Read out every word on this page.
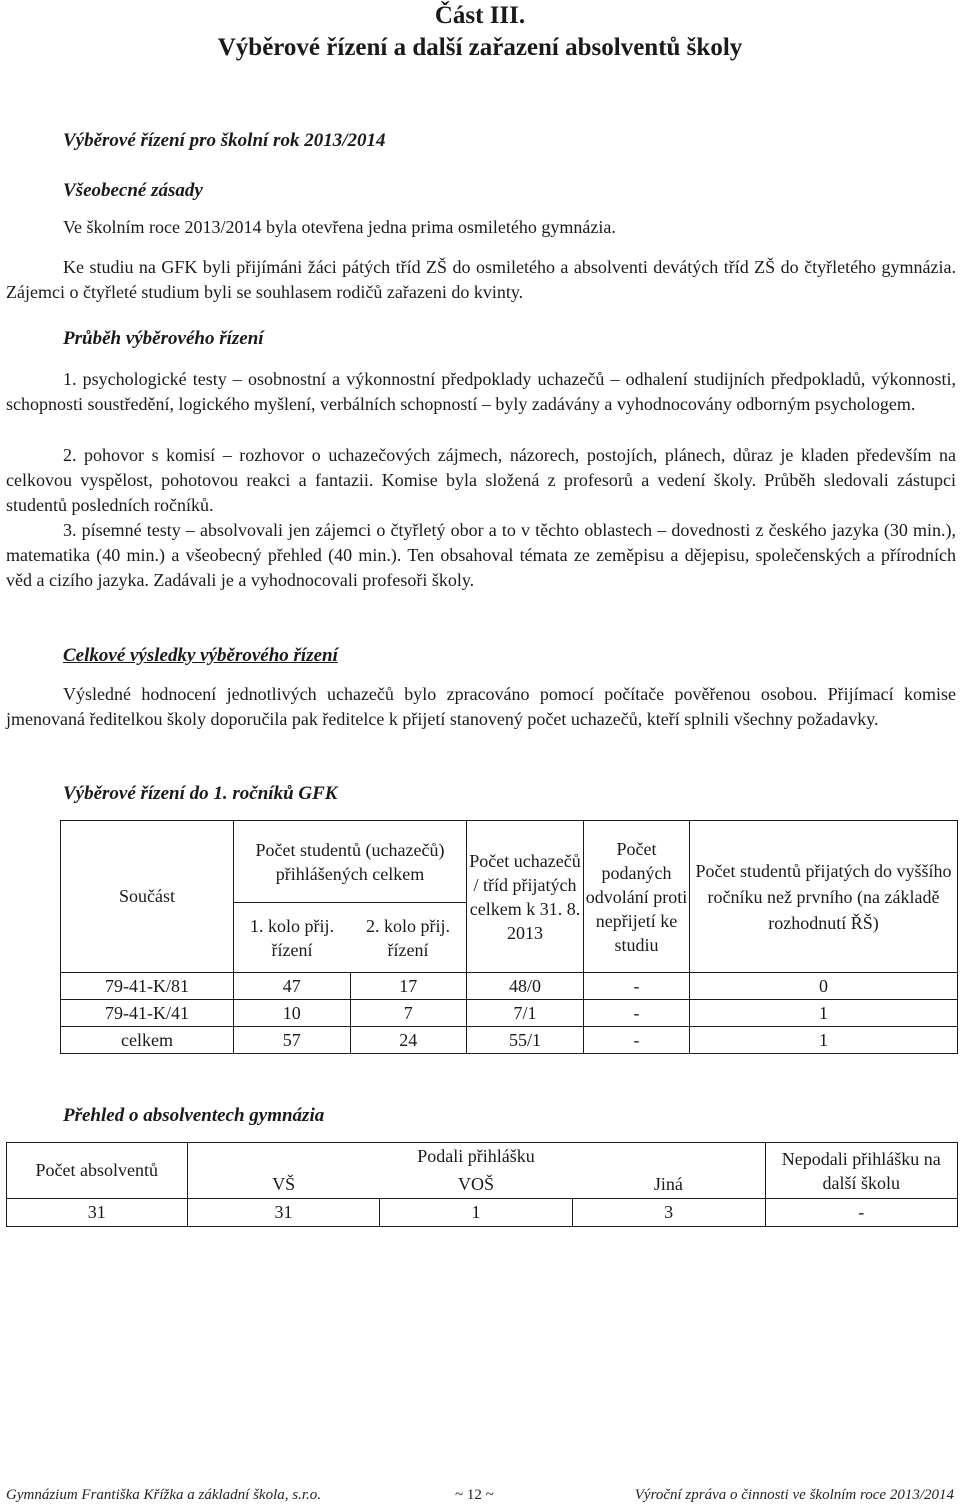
Část III.
Výběrové řízení a další zařazení absolventů školy
Výběrové řízení pro školní rok 2013/2014
Všeobecné zásady
Ve školním roce 2013/2014 byla otevřena jedna prima osmiletého gymnázia.
Ke studiu na GFK byli přijímáni žáci pátých tříd ZŠ do osmiletého a absolventi devátých tříd ZŠ do čtyřletého gymnázia. Zájemci o čtyřleté studium byli se souhlasem rodičů zařazeni do kvinty.
Průběh výběrového řízení
1. psychologické testy – osobnostní a výkonnostní předpoklady uchazečů – odhalení studijních předpokladů, výkonnosti, schopnosti soustředění, logického myšlení, verbálních schopností – byly zadávány a vyhodnocovány odborným psychologem.
2. pohovor s komisí – rozhovor o uchazečových zájmech, názorech, postojích, plánech, důraz je kladen především na celkovou vyspělost, pohotovou reakci a fantazii. Komise byla složená z profesorů a vedení školy. Průběh sledovali zástupci studentů posledních ročníků.
3. písemné testy – absolvovali jen zájemci o čtyřletý obor a to v těchto oblastech – dovednosti z českého jazyka (30 min.), matematika (40 min.) a všeobecný přehled (40 min.). Ten obsahoval témata ze zeměpisu a dějepisu, společenských a přírodních věd a cizího jazyka. Zadávali je a vyhodnocovali profesoři školy.
Celkové výsledky výběrového řízení
Výsledné hodnocení jednotlivých uchazečů bylo zpracováno pomocí počítače pověřenou osobou. Přijímací komise jmenovaná ředitelkou školy doporučila pak ředitelce k přijetí stanovený počet uchazečů, kteří splnili všechny požadavky.
Výběrové řízení do 1. ročníků GFK
Součást	Počet studentů (uchazečů) přihlášených celkem		Počet uchazečů / tříd přijatých celkem k 31. 8. 2013	Počet podaných odvolání proti nepřijetí ke studiu	Počet studentů přijatých do vyššího ročníku než prvního (na základě rozhodnutí ŘŠ)
	1. kolo přij. řízení	2. kolo přij. řízení			
79-41-K/81	47	17	48/0	-	0
79-41-K/41	10	7	7/1	-	1
celkem	57	24	55/1	-	1
Přehled o absolventech gymnázia
Počet absolventů	Podali přihlášku			Nepodali přihlášku na další školu
	VŠ	VOŠ	Jiná	
31	31	1	3	-
Gymnázium Františka Křížka a základní škola, s.r.o.	~ 12 ~	Výroční zpráva o činnosti ve školním roce 2013/2014
